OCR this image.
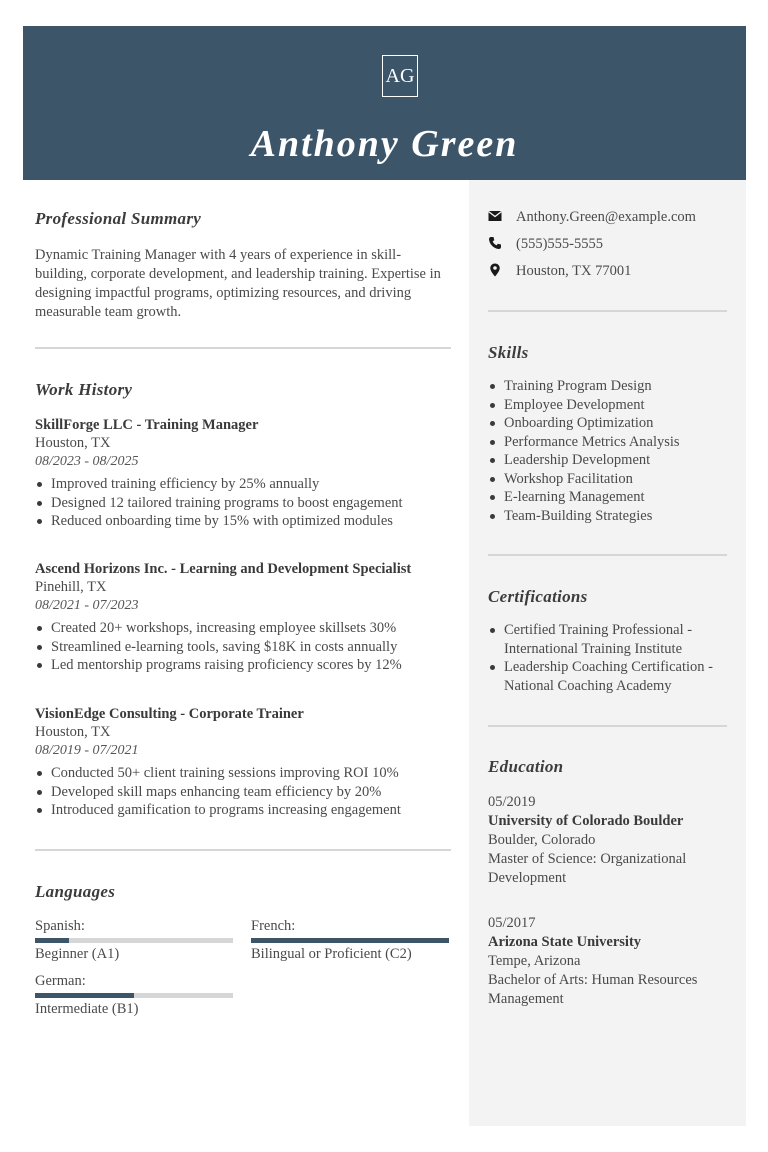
AG
Anthony Green
Professional Summary
Dynamic Training Manager with 4 years of experience in skill-building, corporate development, and leadership training. Expertise in designing impactful programs, optimizing resources, and driving measurable team growth.
Work History
SkillForge LLC - Training Manager
Houston, TX
08/2023 - 08/2025
Improved training efficiency by 25% annually
Designed 12 tailored training programs to boost engagement
Reduced onboarding time by 15% with optimized modules
Ascend Horizons Inc. - Learning and Development Specialist
Pinehill, TX
08/2021 - 07/2023
Created 20+ workshops, increasing employee skillsets 30%
Streamlined e-learning tools, saving $18K in costs annually
Led mentorship programs raising proficiency scores by 12%
VisionEdge Consulting - Corporate Trainer
Houston, TX
08/2019 - 07/2021
Conducted 50+ client training sessions improving ROI 10%
Developed skill maps enhancing team efficiency by 20%
Introduced gamification to programs increasing engagement
Languages
Spanish:
Beginner (A1)
French:
Bilingual or Proficient (C2)
German:
Intermediate (B1)
Anthony.Green@example.com
(555)555-5555
Houston, TX 77001
Skills
Training Program Design
Employee Development
Onboarding Optimization
Performance Metrics Analysis
Leadership Development
Workshop Facilitation
E-learning Management
Team-Building Strategies
Certifications
Certified Training Professional - International Training Institute
Leadership Coaching Certification - National Coaching Academy
Education
05/2019
University of Colorado Boulder
Boulder, Colorado
Master of Science: Organizational Development
05/2017
Arizona State University
Tempe, Arizona
Bachelor of Arts: Human Resources Management
